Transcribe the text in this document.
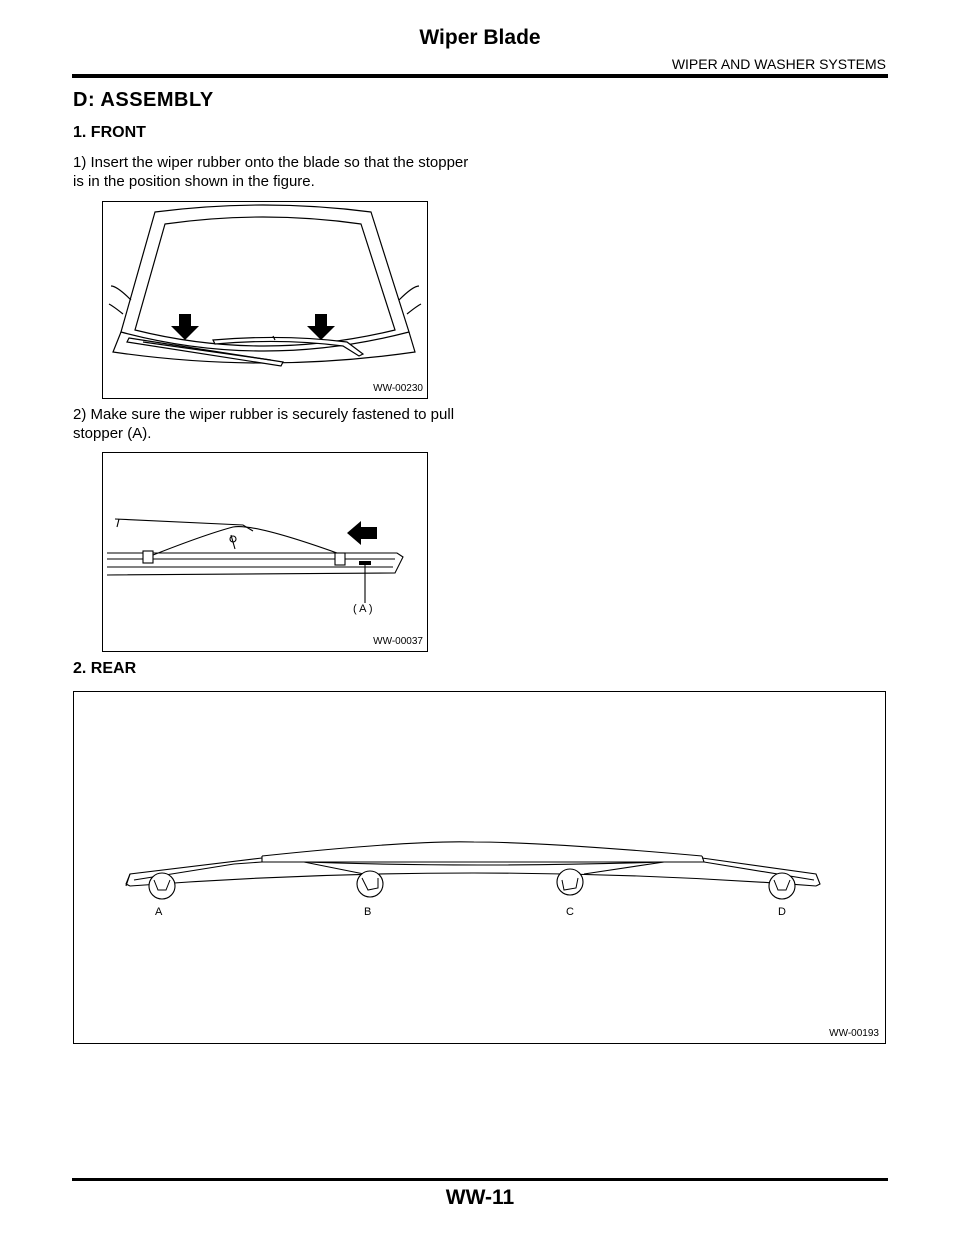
Wiper Blade
WIPER AND WASHER SYSTEMS
D: ASSEMBLY
1. FRONT
1) Insert the wiper rubber onto the blade so that the stopper is in the position shown in the figure.
WW-00230
2) Make sure the wiper rubber is securely fastened to pull stopper (A).
( A )
WW-00037
2. REAR
A	B	C	D
WW-00193
WW-11
